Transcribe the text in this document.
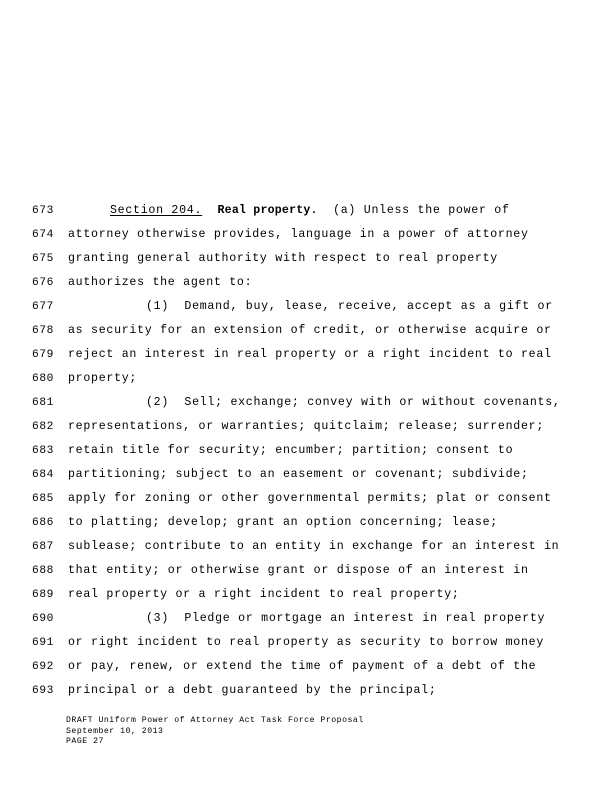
673	Section 204. Real property.  (a) Unless the power of
674	attorney otherwise provides, language in a power of attorney
675	granting general authority with respect to real property
676	authorizes the agent to:
677	(1)  Demand, buy, lease, receive, accept as a gift or
678	as security for an extension of credit, or otherwise acquire or
679	reject an interest in real property or a right incident to real
680	property;
681	(2)  Sell; exchange; convey with or without covenants,
682	representations, or warranties; quitclaim; release; surrender;
683	retain title for security; encumber; partition; consent to
684	partitioning; subject to an easement or covenant; subdivide;
685	apply for zoning or other governmental permits; plat or consent
686	to platting; develop; grant an option concerning; lease;
687	sublease; contribute to an entity in exchange for an interest in
688	that entity; or otherwise grant or dispose of an interest in
689	real property or a right incident to real property;
690	(3)  Pledge or mortgage an interest in real property
691	or right incident to real property as security to borrow money
692	or pay, renew, or extend the time of payment of a debt of the
693	principal or a debt guaranteed by the principal;
DRAFT Uniform Power of Attorney Act Task Force Proposal
September 10, 2013
PAGE 27
